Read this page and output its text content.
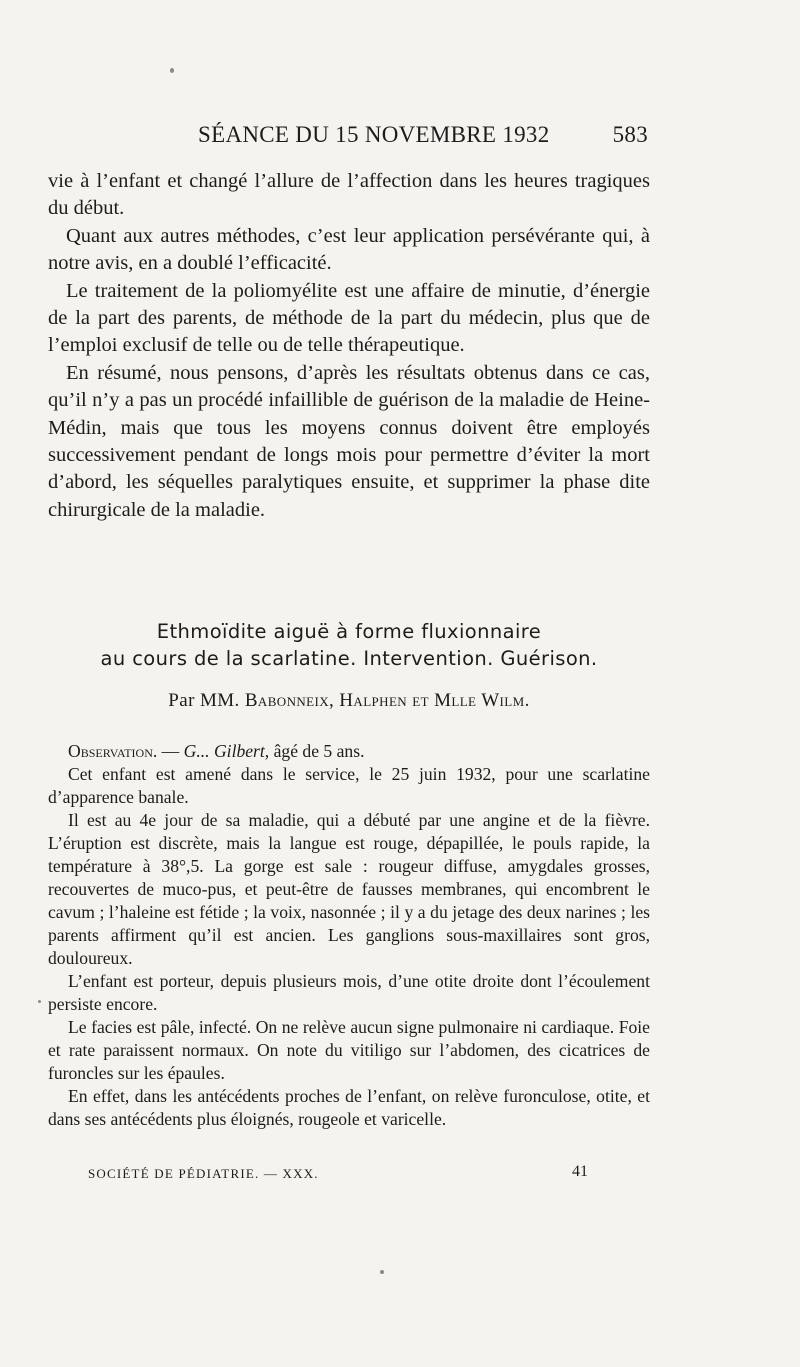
SÉANCE DU 15 NOVEMBRE 1932	583

vie à l’enfant et changé l’allure de l’affection dans les heures tragiques du début.

Quant aux autres méthodes, c’est leur application persévérante qui, à notre avis, en a doublé l’efficacité.

Le traitement de la poliomyélite est une affaire de minutie, d’énergie de la part des parents, de méthode de la part du médecin, plus que de l’emploi exclusif de telle ou de telle thérapeutique.

En résumé, nous pensons, d’après les résultats obtenus dans ce cas, qu’il n’y a pas un procédé infaillible de guérison de la maladie de Heine-Médin, mais que tous les moyens connus doivent être employés successivement pendant de longs mois pour permettre d’éviter la mort d’abord, les séquelles paralytiques ensuite, et supprimer la phase dite chirurgicale de la maladie.

Ethmoïdite aiguë à forme fluxionnaire
au cours de la scarlatine. Intervention. Guérison.
Par MM. Babonneix, Halphen et Mlle Wilm.

Observation. — G... Gilbert, âgé de 5 ans.

Cet enfant est amené dans le service, le 25 juin 1932, pour une scarlatine d’apparence banale.

Il est au 4e jour de sa maladie, qui a débuté par une angine et de la fièvre. L’éruption est discrète, mais la langue est rouge, dépapillée, le pouls rapide, la température à 38°,5. La gorge est sale : rougeur diffuse, amygdales grosses, recouvertes de muco-pus, et peut-être de fausses membranes, qui encombrent le cavum ; l’haleine est fétide ; la voix, nasonnée ; il y a du jetage des deux narines ; les parents affirment qu’il est ancien. Les ganglions sous-maxillaires sont gros, douloureux.

L’enfant est porteur, depuis plusieurs mois, d’une otite droite dont l’écoulement persiste encore.

Le facies est pâle, infecté. On ne relève aucun signe pulmonaire ni cardiaque. Foie et rate paraissent normaux. On note du vitiligo sur l’abdomen, des cicatrices de furoncles sur les épaules.

En effet, dans les antécédents proches de l’enfant, on relève furonculose, otite, et dans ses antécédents plus éloignés, rougeole et varicelle.

SOCIÉTÉ DE PÉDIATRIE. — XXX.	41
